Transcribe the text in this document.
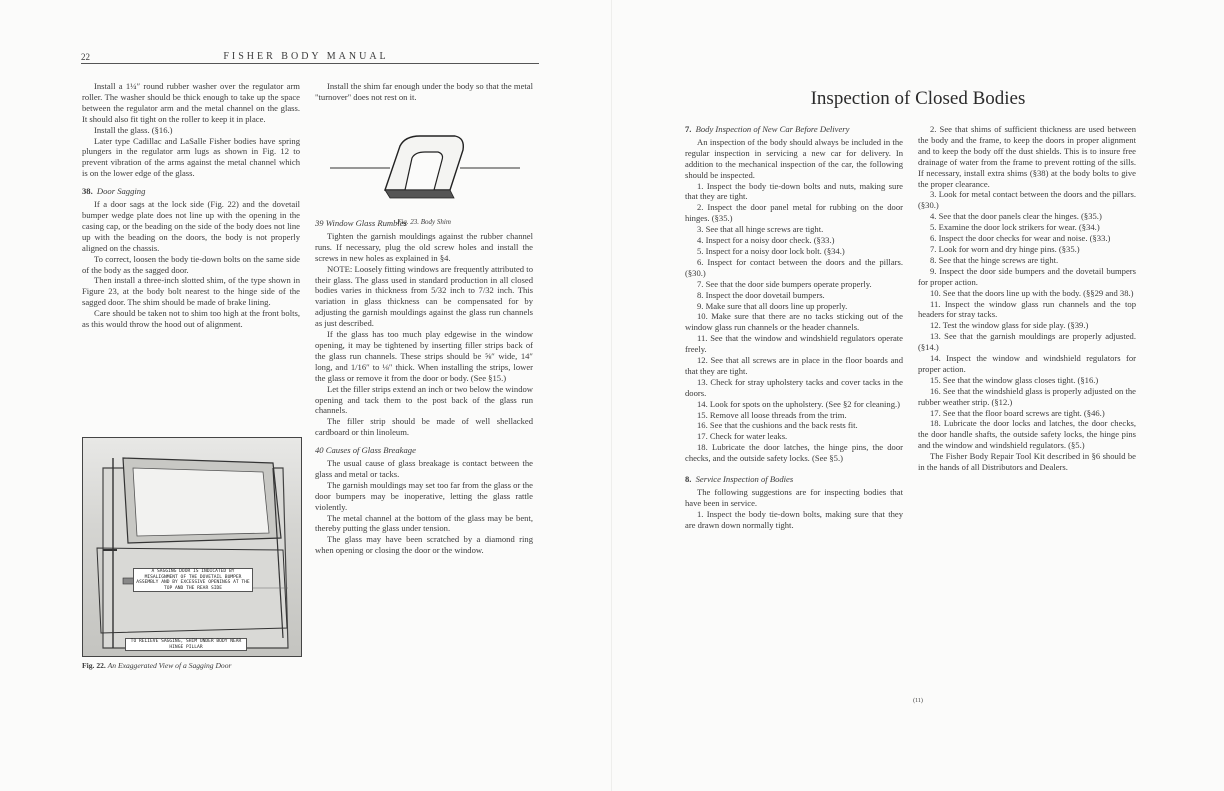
22	FISHER BODY MANUAL

Install a 1¼″ round rubber washer over the regulator arm roller. The washer should be thick enough to take up the space between the regulator arm and the metal channel on the glass. It should also fit tight on the roller to keep it in place.

Install the glass. (§16.)

Later type Cadillac and LaSalle Fisher bodies have spring plungers in the regulator arm lugs as shown in Fig. 12 to prevent vibration of the arms against the metal channel which is on the lower edge of the glass.

38. Door Sagging

If a door sags at the lock side (Fig. 22) and the dovetail bumper wedge plate does not line up with the opening in the casing cap, or the beading on the side of the body does not line up with the beading on the doors, the body is not properly aligned on the chassis.

To correct, loosen the body tie-down bolts on the same side of the body as the sagged door.

Then install a three-inch slotted shim, of the type shown in Figure 23, at the body bolt nearest to the hinge side of the sagged door. The shim should be made of brake lining.

Care should be taken not to shim too high at the front bolts, as this would throw the hood out of alignment.

A SAGGING DOOR IS INDICATED BY MISALIGNMENT OF THE DOVETAIL BUMPER ASSEMBLY AND BY EXCESSIVE OPENINGS AT THE TOP AND THE REAR SIDE
TO RELIEVE SAGGING, SHIM UNDER BODY NEAR HINGE PILLAR
Fig. 22. An Exaggerated View of a Sagging Door

Install the shim far enough under the body so that the metal "turnover" does not rest on it.

Fig. 23. Body Shim

39 Window Glass Rumbles

Tighten the garnish mouldings against the rubber channel runs. If necessary, plug the old screw holes and install the screws in new holes as explained in §4.

NOTE: Loosely fitting windows are frequently attributed to their glass. The glass used in standard production in all closed bodies varies in thickness from 5/32 inch to 7/32 inch. This variation in glass thickness can be compensated for by adjusting the garnish mouldings against the glass run channels as just described.

If the glass has too much play edgewise in the window opening, it may be tightened by inserting filler strips back of the glass run channels. These strips should be ⅝″ wide, 14″ long, and 1/16″ to ⅛″ thick. When installing the strips, lower the glass or remove it from the door or body. (See §15.)

Let the filler strips extend an inch or two below the window opening and tack them to the post back of the glass run channels.

The filler strip should be made of well shellacked cardboard or thin linoleum.

40 Causes of Glass Breakage

The usual cause of glass breakage is contact between the glass and metal or tacks.

The garnish mouldings may set too far from the glass or the door bumpers may be inoperative, letting the glass rattle violently.

The metal channel at the bottom of the glass may be bent, thereby putting the glass under tension.

The glass may have been scratched by a diamond ring when opening or closing the door or the window.

Inspection of Closed Bodies

7. Body Inspection of New Car Before Delivery

An inspection of the body should always be included in the regular inspection in servicing a new car for delivery. In addition to the mechanical inspection of the car, the following should be inspected.

1. Inspect the body tie-down bolts and nuts, making sure that they are tight.

2. Inspect the door panel metal for rubbing on the door hinges. (§35.)

3. See that all hinge screws are tight.

4. Inspect for a noisy door check. (§33.)

5. Inspect for a noisy door lock bolt. (§34.)

6. Inspect for contact between the doors and the pillars. (§30.)

7. See that the door side bumpers operate properly.

8. Inspect the door dovetail bumpers.

9. Make sure that all doors line up properly.

10. Make sure that there are no tacks sticking out of the window glass run channels or the header channels.

11. See that the window and windshield regulators operate freely.

12. See that all screws are in place in the floor boards and that they are tight.

13. Check for stray upholstery tacks and cover tacks in the doors.

14. Look for spots on the upholstery. (See §2 for cleaning.)

15. Remove all loose threads from the trim.

16. See that the cushions and the back rests fit.

17. Check for water leaks.

18. Lubricate the door latches, the hinge pins, the door checks, and the outside safety locks. (See §5.)

8. Service Inspection of Bodies

The following suggestions are for inspecting bodies that have been in service.

1. Inspect the body tie-down bolts, making sure that they are drawn down normally tight.

2. See that shims of sufficient thickness are used between the body and the frame, to keep the doors in proper alignment and to keep the body off the dust shields. This is to insure free drainage of water from the frame to prevent rotting of the sills. If necessary, install extra shims (§38) at the body bolts to give the proper clearance.

3. Look for metal contact between the doors and the pillars. (§30.)

4. See that the door panels clear the hinges. (§35.)

5. Examine the door lock strikers for wear. (§34.)

6. Inspect the door checks for wear and noise. (§33.)

7. Look for worn and dry hinge pins. (§35.)

8. See that the hinge screws are tight.

9. Inspect the door side bumpers and the dovetail bumpers for proper action.

10. See that the doors line up with the body. (§§29 and 38.)

11. Inspect the window glass run channels and the top headers for stray tacks.

12. Test the window glass for side play. (§39.)

13. See that the garnish mouldings are properly adjusted. (§14.)

14. Inspect the window and windshield regulators for proper action.

15. See that the window glass closes tight. (§16.)

16. See that the windshield glass is properly adjusted on the rubber weather strip. (§12.)

17. See that the floor board screws are tight. (§46.)

18. Lubricate the door locks and latches, the door checks, the door handle shafts, the outside safety locks, the hinge pins and the window and windshield regulators. (§5.)

The Fisher Body Repair Tool Kit described in §6 should be in the hands of all Distributors and Dealers.

(11)
